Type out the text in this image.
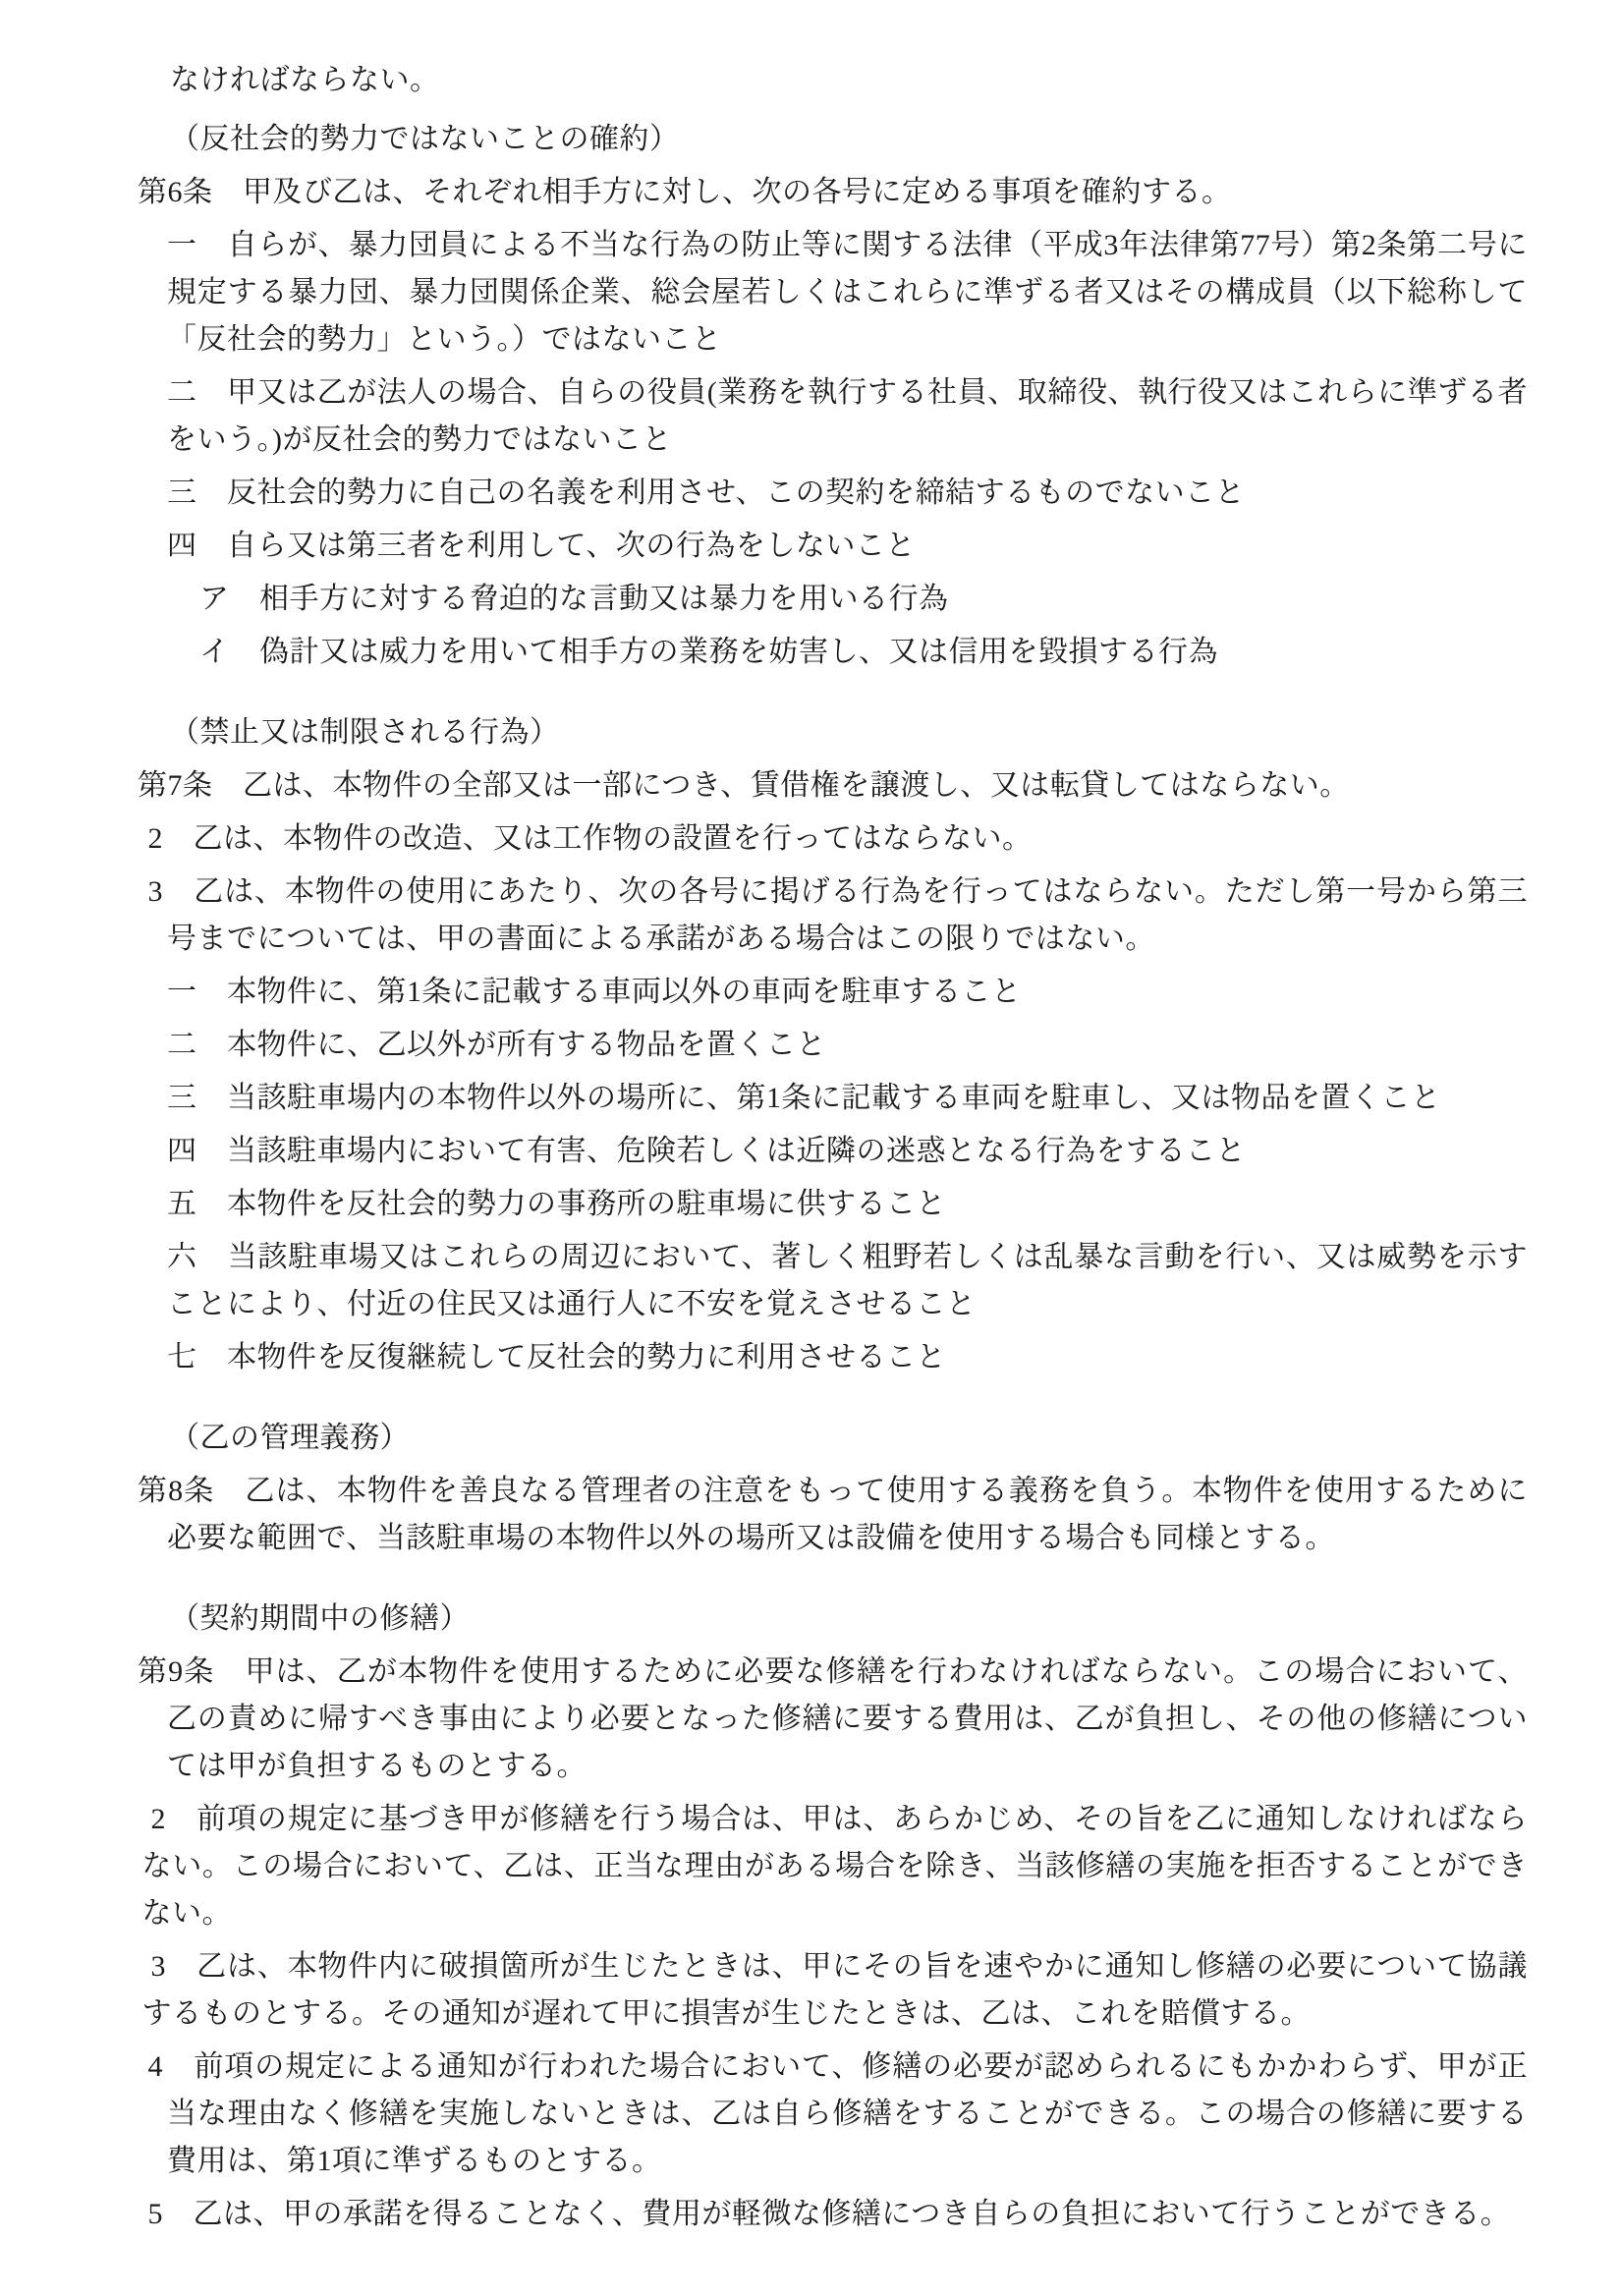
なければならない。

（反社会的勢力ではないことの確約）

第6条　甲及び乙は、それぞれ相手方に対し、次の各号に定める事項を確約する。

一　自らが、暴力団員による不当な行為の防止等に関する法律（平成3年法律第77号）第2条第二号に規定する暴力団、暴力団関係企業、総会屋若しくはこれらに準ずる者又はその構成員（以下総称して「反社会的勢力」という。）ではないこと

二　甲又は乙が法人の場合、自らの役員(業務を執行する社員、取締役、執行役又はこれらに準ずる者をいう。)が反社会的勢力ではないこと

三　反社会的勢力に自己の名義を利用させ、この契約を締結するものでないこと

四　自ら又は第三者を利用して、次の行為をしないこと

ア　相手方に対する脅迫的な言動又は暴力を用いる行為

イ　偽計又は威力を用いて相手方の業務を妨害し、又は信用を毀損する行為

（禁止又は制限される行為）

第7条　乙は、本物件の全部又は一部につき、賃借権を譲渡し、又は転貸してはならない。

2　乙は、本物件の改造、又は工作物の設置を行ってはならない。

3　乙は、本物件の使用にあたり、次の各号に掲げる行為を行ってはならない。ただし第一号から第三号までについては、甲の書面による承諾がある場合はこの限りではない。

一　本物件に、第1条に記載する車両以外の車両を駐車すること

二　本物件に、乙以外が所有する物品を置くこと

三　当該駐車場内の本物件以外の場所に、第1条に記載する車両を駐車し、又は物品を置くこと

四　当該駐車場内において有害、危険若しくは近隣の迷惑となる行為をすること

五　本物件を反社会的勢力の事務所の駐車場に供すること

六　当該駐車場又はこれらの周辺において、著しく粗野若しくは乱暴な言動を行い、又は威勢を示すことにより、付近の住民又は通行人に不安を覚えさせること

七　本物件を反復継続して反社会的勢力に利用させること

（乙の管理義務）

第8条　乙は、本物件を善良なる管理者の注意をもって使用する義務を負う。本物件を使用するために必要な範囲で、当該駐車場の本物件以外の場所又は設備を使用する場合も同様とする。

（契約期間中の修繕）

第9条　甲は、乙が本物件を使用するために必要な修繕を行わなければならない。この場合において、乙の責めに帰すべき事由により必要となった修繕に要する費用は、乙が負担し、その他の修繕については甲が負担するものとする。

2　前項の規定に基づき甲が修繕を行う場合は、甲は、あらかじめ、その旨を乙に通知しなければならない。この場合において、乙は、正当な理由がある場合を除き、当該修繕の実施を拒否することができない。

3　乙は、本物件内に破損箇所が生じたときは、甲にその旨を速やかに通知し修繕の必要について協議するものとする。その通知が遅れて甲に損害が生じたときは、乙は、これを賠償する。

4　前項の規定による通知が行われた場合において、修繕の必要が認められるにもかかわらず、甲が正当な理由なく修繕を実施しないときは、乙は自ら修繕をすることができる。この場合の修繕に要する費用は、第1項に準ずるものとする。

5　乙は、甲の承諾を得ることなく、費用が軽微な修繕につき自らの負担において行うことができる。
